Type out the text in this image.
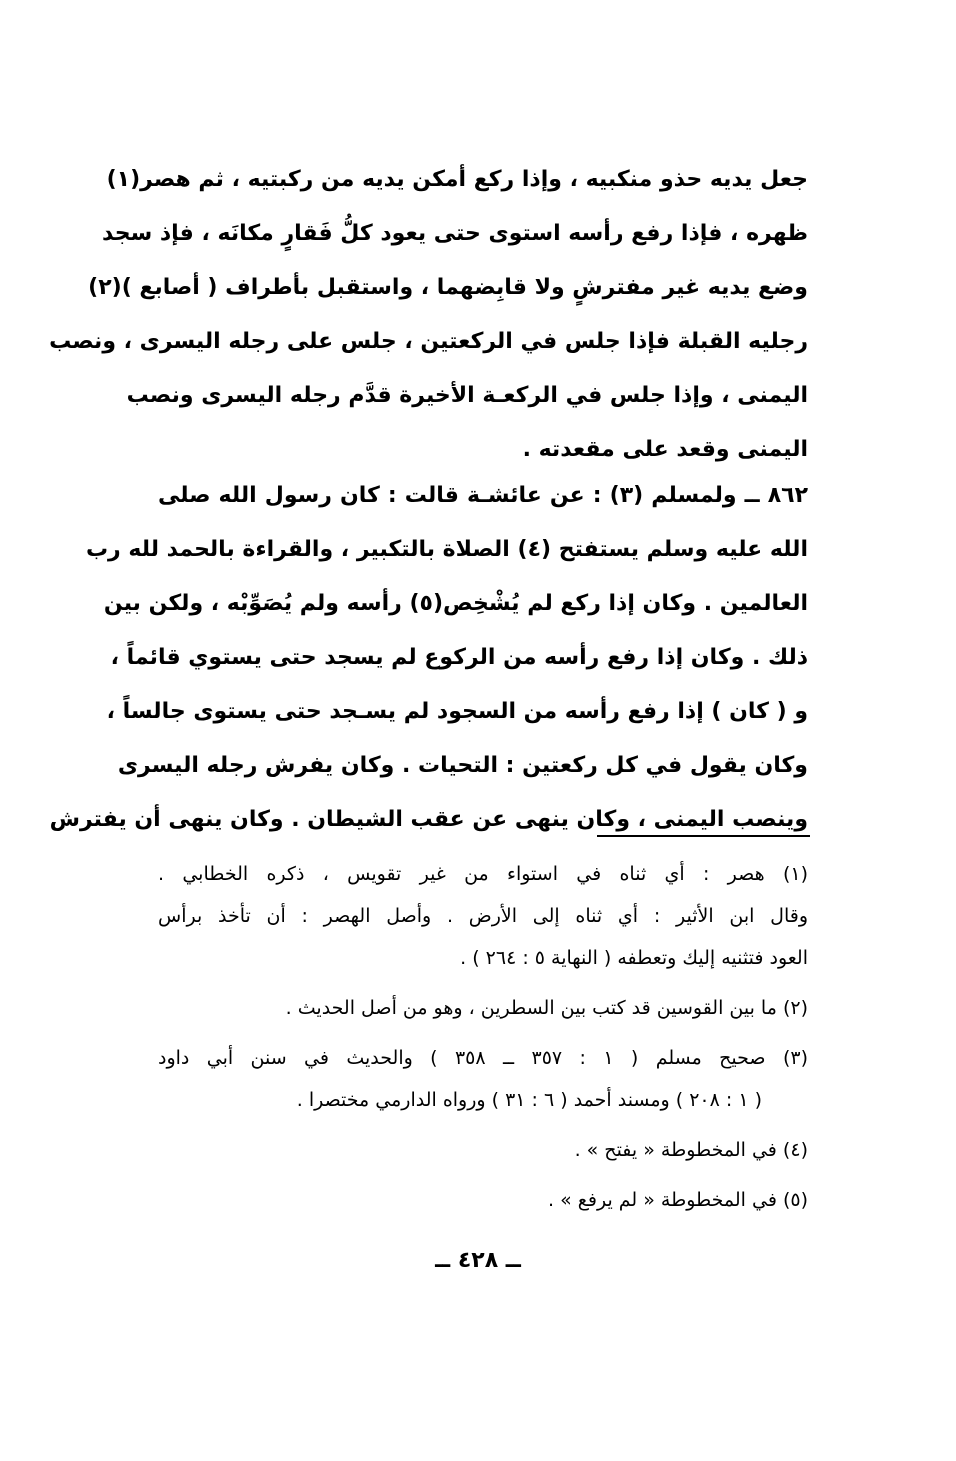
جعل يديه حذو منكبيه ، وإذا ركع أمكن يديه من ركبتيه ، ثم هصر(١)
ظهره ، فإذا رفع رأسه استوى حتى يعود كلُّ فَقارٍ مكانَه ، فإذ سجد
وضع يديه غير مفترشٍ ولا قابِضهما ، واستقبل بأطراف ( أصابع )(٢)
رجليه القبلة فإذا جلس في الركعتين ، جلس على رجله اليسرى ، ونصب
اليمنى ، وإذا جلس في الركعـة الأخيرة قدَّم رجله اليسرى ونصب
اليمنى وقعد على مقعدته .
٨٦٢ ــ ولمسلم (٣) : عن عائشـة قالت : كان رسول الله صلى
الله عليه وسلم يستفتح (٤) الصلاة بالتكبير ، والقراءة بالحمد لله رب
العالمين . وكان إذا ركع لم يُشْخِص(٥) رأسه ولم يُصَوِّبْه ، ولكن بين
ذلك . وكان إذا رفع رأسه من الركوع لم يسجد حتى يستوي قائماً ،
و ( كان ) إذا رفع رأسه من السجود لم يسـجد حتى يستوى جالساً ،
وكان يقول في كل ركعتين : التحيات . وكان يفرش رجله اليسرى
وينصب اليمنى ، وكان ينهى عن عقب الشيطان . وكان ينهى أن يفترش
(١) هصر : أي ثناه في استواء من غير تقويس ، ذكره الخطابي .
وقال ابن الأثير : أي ثناه إلى الأرض . وأصل الهصر : أن تأخذ برأس
العود فتثنيه إليك وتعطفه ( النهاية ٥ : ٢٦٤ ) .
(٢) ما بين القوسين قد كتب بين السطرين ، وهو من أصل الحديث .
(٣) صحيح مسلم ( ١ : ٣٥٧ ــ ٣٥٨ ) والحديث في سنن أبي داود
( ١ : ٢٠٨ ) ومسند أحمد ( ٦ : ٣١ ) ورواه الدارمي مختصرا .
(٤) في المخطوطة « يفتح » .
(٥) في المخطوطة « لم يرفع » .
ــ ٤٢٨ ــ
